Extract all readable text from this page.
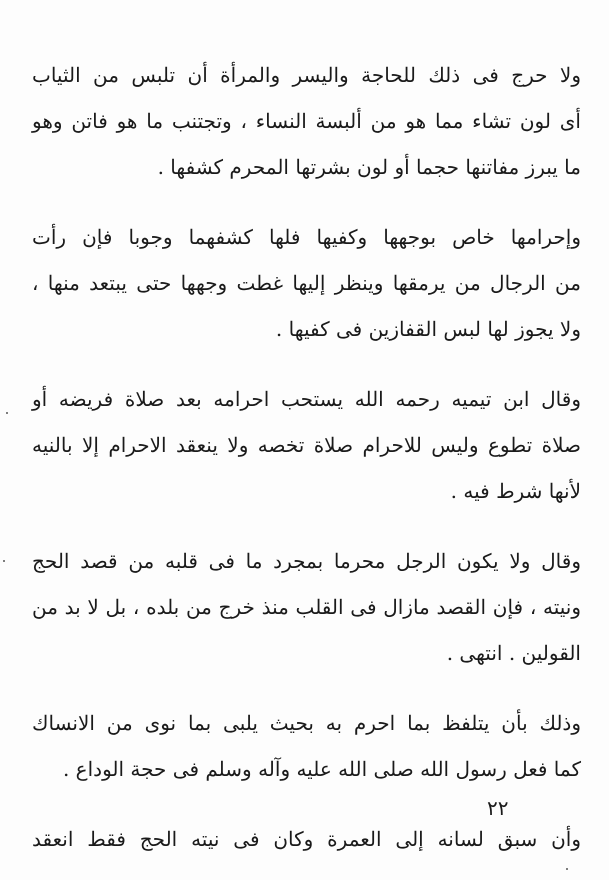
ولا حرج فى ذلك للحاجة واليسر والمرأة أن تلبس من الثياب
أى لون تشاء مما هو من ألبسة النساء ، وتجتنب ما هو فاتن وهو
ما يبرز مفاتنها حجما أو لون بشرتها المحرم كشفها .
وإحرامها خاص بوجهها وكفيها فلها كشفهما وجوبا فإن رأت
من الرجال من يرمقها وينظر إليها غطت وجهها حتى يبتعد منها ،
ولا يجوز لها لبس القفازين فى كفيها .
وقال ابن تيميه رحمه الله يستحب احرامه بعد صلاة فريضه أو
صلاة تطوع وليس للاحرام صلاة تخصه ولا ينعقد الاحرام إلا بالنيه
لأنها شرط فيه .
وقال ولا يكون الرجل محرما بمجرد ما فى قلبه من قصد الحج
ونيته ، فإن القصد مازال فى القلب منذ خرج من بلده ، بل لا بد من
القولين . انتهى .
وذلك بأن يتلفظ بما احرم به بحيث يلبى بما نوى من الانساك
كما فعل رسول الله صلى الله عليه وآله وسلم فى حجة الوداع .
وأن سبق لسانه إلى العمرة وكان فى نيته الحج فقط انعقد
٢٢
